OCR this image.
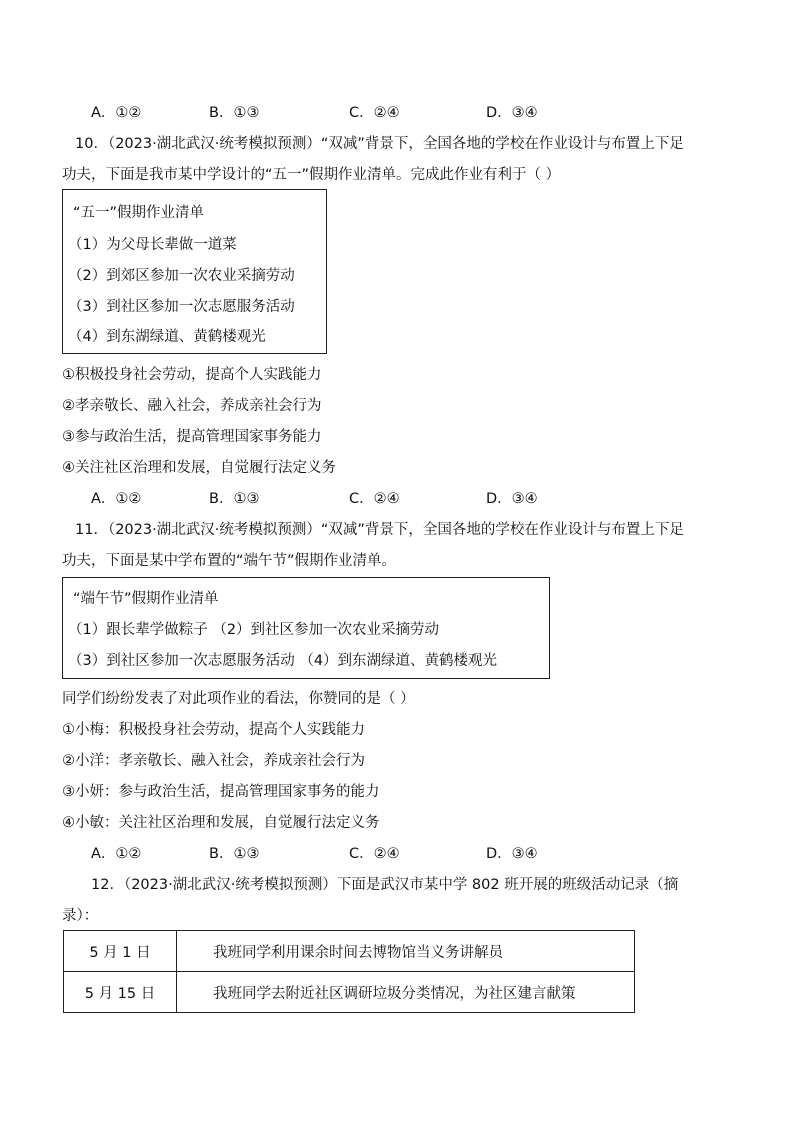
A．①②	B．①③	C．②④	D．③④
10．（2023·湖北武汉·统考模拟预测）“双减”背景下，全国各地的学校在作业设计与布置上下足
功夫，下面是我市某中学设计的“五一”假期作业清单。完成此作业有利于（ ）
“五一”假期作业清单
（1）为父母长辈做一道菜
（2）到郊区参加一次农业采摘劳动
（3）到社区参加一次志愿服务活动
（4）到东湖绿道、黄鹤楼观光
①积极投身社会劳动，提高个人实践能力
②孝亲敬长、融入社会，养成亲社会行为
③参与政治生活，提高管理国家事务能力
④关注社区治理和发展，自觉履行法定义务
A．①②	B．①③	C．②④	D．③④
11．（2023·湖北武汉·统考模拟预测）“双减”背景下，全国各地的学校在作业设计与布置上下足
功夫，下面是某中学布置的“端午节”假期作业清单。
“端午节”假期作业清单
（1）跟长辈学做粽子 （2）到社区参加一次农业采摘劳动
（3）到社区参加一次志愿服务活动 （4）到东湖绿道、黄鹤楼观光
同学们纷纷发表了对此项作业的看法，你赞同的是（ ）
①小梅：积极投身社会劳动，提高个人实践能力
②小洋：孝亲敬长、融入社会，养成亲社会行为
③小妍：参与政治生活，提高管理国家事务的能力
④小敏：关注社区治理和发展，自觉履行法定义务
A．①②	B．①③	C．②④	D．③④
12．（2023·湖北武汉·统考模拟预测）下面是武汉市某中学 802 班开展的班级活动记录（摘
录）：
5 月 1 日	我班同学利用课余时间去博物馆当义务讲解员
5 月 15 日	我班同学去附近社区调研垃圾分类情况，为社区建言献策
